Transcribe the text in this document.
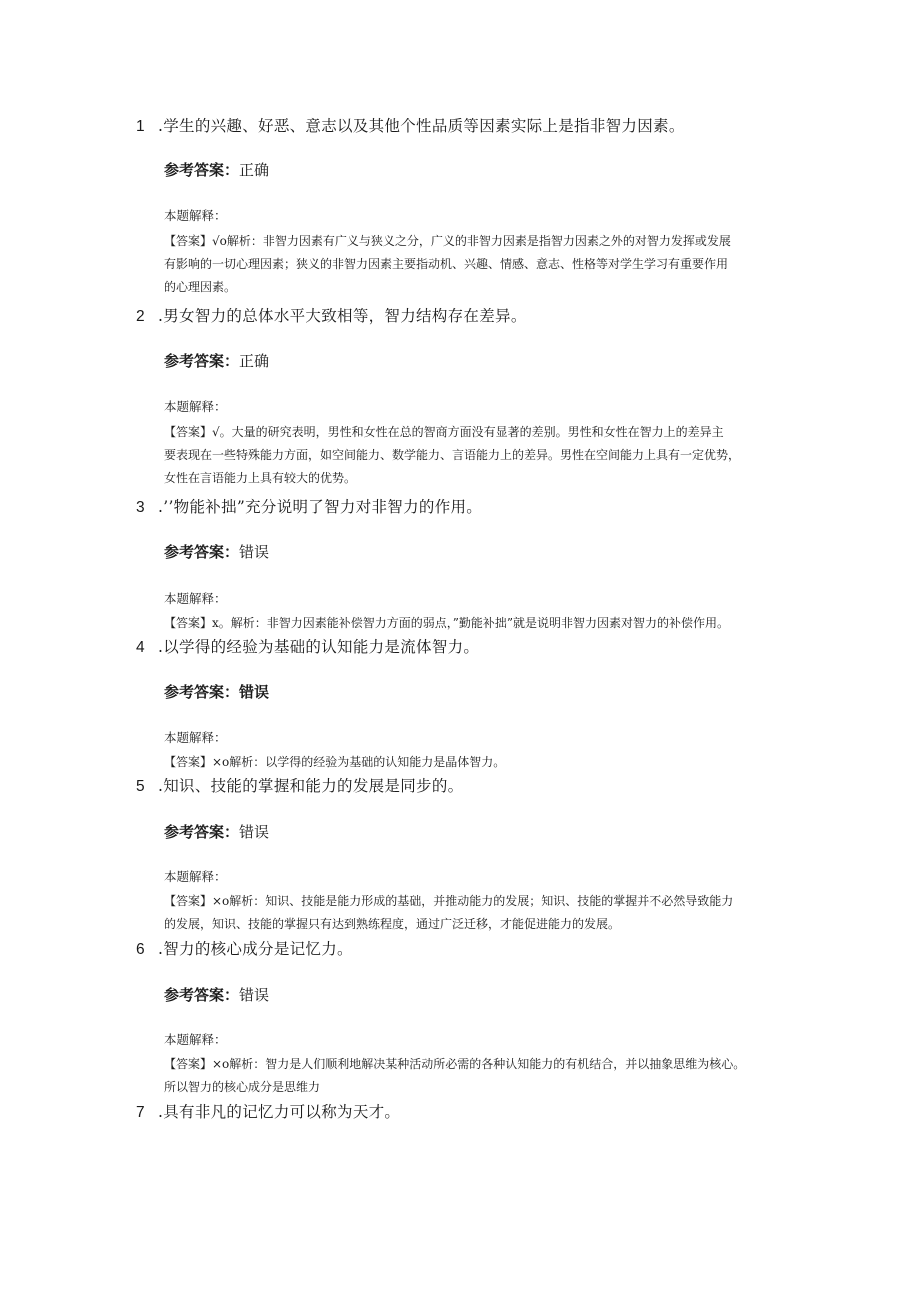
1 .学生的兴趣、好恶、意志以及其他个性品质等因素实际上是指非智力因素。
参考答案：正确
本题解释：
【答案】√o解析：非智力因素有广义与狭义之分，广义的非智力因素是指智力因素之外的对智力发挥或发展
有影响的一切心理因素；狭义的非智力因素主要指动机、兴趣、情感、意志、性格等对学生学习有重要作用
的心理因素。
2 .男女智力的总体水平大致相等，智力结构存在差异。
参考答案：正确
本题解释：
【答案】√。大量的研究表明，男性和女性在总的智商方面没有显著的差别。男性和女性在智力上的差异主
要表现在一些特殊能力方面，如空间能力、数学能力、言语能力上的差异。男性在空间能力上具有一定优势，
女性在言语能力上具有较大的优势。
3 .’’物能补拙”充分说明了智力对非智力的作用。
参考答案：错误
本题解释：
【答案】x。解析：非智力因素能补偿智力方面的弱点，”勤能补拙”就是说明非智力因素对智力的补偿作用。
4 .以学得的经验为基础的认知能力是流体智力。
参考答案：错误
本题解释：
【答案】×o解析：以学得的经验为基础的认知能力是晶体智力。
5 .知识、技能的掌握和能力的发展是同步的。
参考答案：错误
本题解释：
【答案】×o解析：知识、技能是能力形成的基础，并推动能力的发展；知识、技能的掌握并不必然导致能力
的发展，知识、技能的掌握只有达到熟练程度，通过广泛迁移，才能促进能力的发展。
6 .智力的核心成分是记忆力。
参考答案：错误
本题解释：
【答案】×o解析：智力是人们顺利地解决某种活动所必需的各种认知能力的有机结合，并以抽象思维为核心。
所以智力的核心成分是思维力
7 .具有非凡的记忆力可以称为天才。
